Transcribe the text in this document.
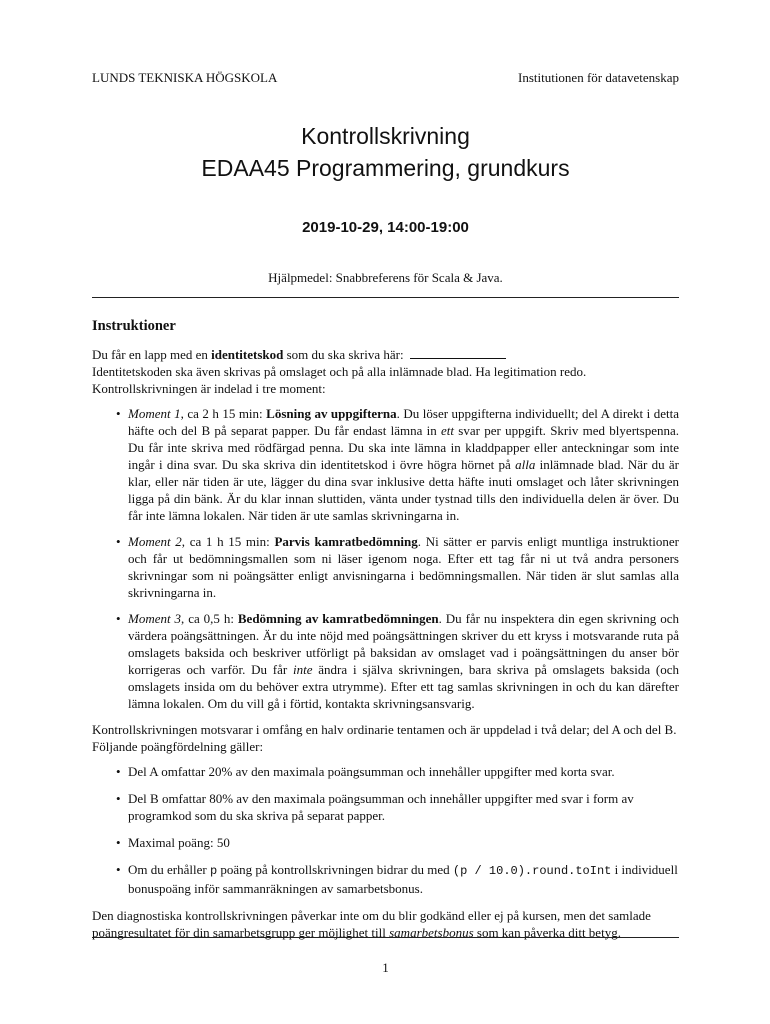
LUNDS TEKNISKA HÖGSKOLA	Institutionen för datavetenskap
Kontrollskrivning
EDAA45 Programmering, grundkurs
2019-10-29, 14:00-19:00
Hjälpmedel: Snabbreferens för Scala & Java.
Instruktioner

Du får en lapp med en identitetskod som du ska skriva här:

Identitetskoden ska även skrivas på omslaget och på alla inlämnade blad. Ha legitimation redo.

Kontrollskrivningen är indelad i tre moment:

• Moment 1, ca 2 h 15 min: Lösning av uppgifterna. Du löser uppgifterna individuellt; del A direkt i detta häfte och del B på separat papper. Du får endast lämna in ett svar per uppgift. Skriv med blyertspenna. Du får inte skriva med rödfärgad penna. Du ska inte lämna in kladdpapper eller anteckningar som inte ingår i dina svar. Du ska skriva din identitetskod i övre högra hörnet på alla inlämnade blad. När du är klar, eller när tiden är ute, lägger du dina svar inklusive detta häfte inuti omslaget och låter skrivningen ligga på din bänk. Är du klar innan sluttiden, vänta under tystnad tills den individuella delen är över. Du får inte lämna lokalen. När tiden är ute samlas skrivningarna in.
• Moment 2, ca 1 h 15 min: Parvis kamratbedömning. Ni sätter er parvis enligt muntliga instruktioner och får ut bedömningsmallen som ni läser igenom noga. Efter ett tag får ni ut två andra personers skrivningar som ni poängsätter enligt anvisningarna i bedömningsmallen. När tiden är slut samlas alla skrivningarna in.
• Moment 3, ca 0,5 h: Bedömning av kamratbedömningen. Du får nu inspektera din egen skrivning och värdera poängsättningen. Är du inte nöjd med poängsättningen skriver du ett kryss i motsvarande ruta på omslagets baksida och beskriver utförligt på baksidan av omslaget vad i poängsättningen du anser bör korrigeras och varför. Du får inte ändra i själva skrivningen, bara skriva på omslagets baksida (och omslagets insida om du behöver extra utrymme). Efter ett tag samlas skrivningen in och du kan därefter lämna lokalen. Om du vill gå i förtid, kontakta skrivningsansvarig.

Kontrollskrivningen motsvarar i omfång en halv ordinarie tentamen och är uppdelad i två delar; del A och del B. Följande poängfördelning gäller:

• Del A omfattar 20% av den maximala poängsumman och innehåller uppgifter med korta svar.
• Del B omfattar 80% av den maximala poängsumman och innehåller uppgifter med svar i form av programkod som du ska skriva på separat papper.
• Maximal poäng: 50
• Om du erhåller p poäng på kontrollskrivningen bidrar du med (p / 10.0).round.toInt i individuell bonuspoäng inför sammanräkningen av samarbetsbonus.

Den diagnostiska kontrollskrivningen påverkar inte om du blir godkänd eller ej på kursen, men det samlade poängresultatet för din samarbetsgrupp ger möjlighet till samarbetsbonus som kan påverka ditt betyg.

1
